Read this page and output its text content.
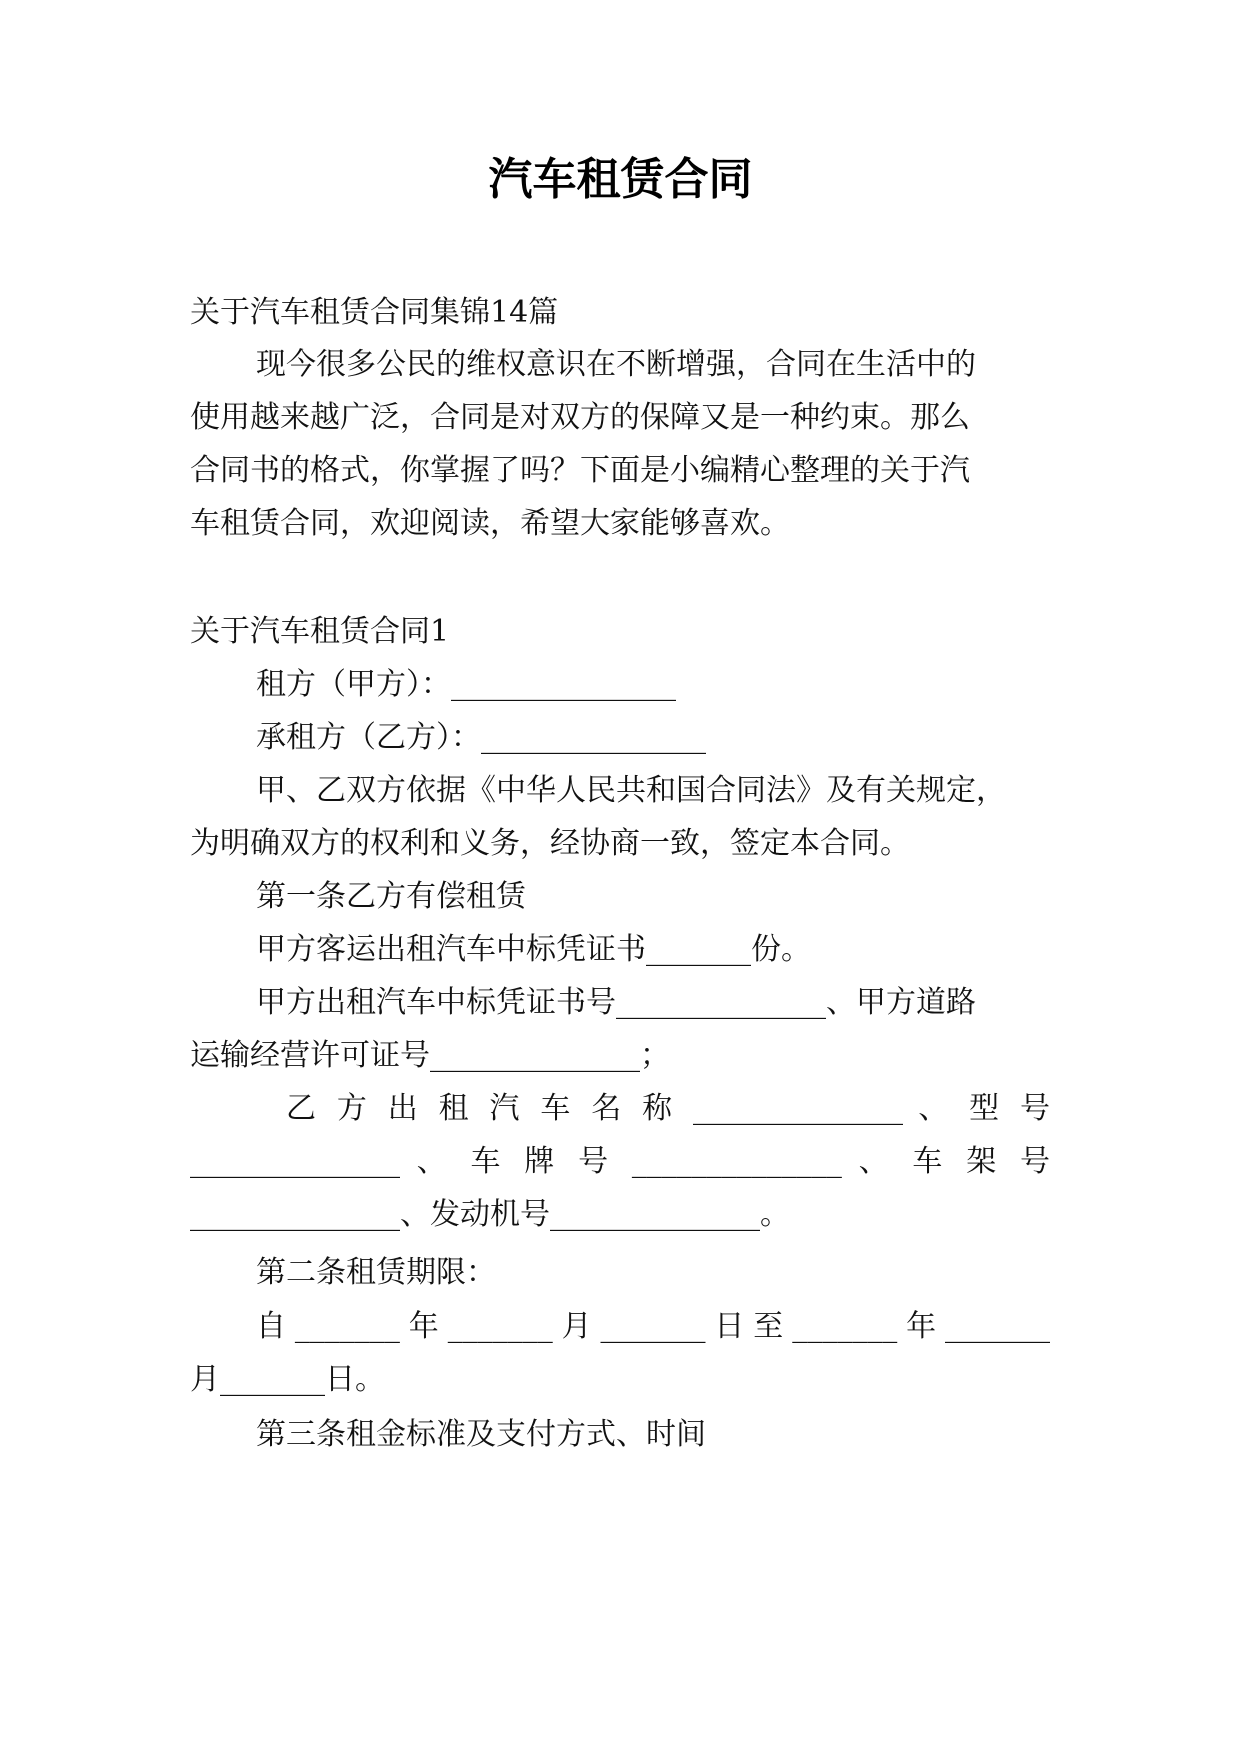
汽车租赁合同

关于汽车租赁合同集锦14篇

现今很多公民的维权意识在不断增强，合同在生活中的

使用越来越广泛，合同是对双方的保障又是一种约束。那么

合同书的格式，你掌握了吗？下面是小编精心整理的关于汽

车租赁合同，欢迎阅读，希望大家能够喜欢。

关于汽车租赁合同1

租方（甲方）：_______________

承租方（乙方）：_______________

甲、乙双方依据《中华人民共和国合同法》及有关规定，

为明确双方的权利和义务，经协商一致，签定本合同。

第一条乙方有偿租赁

甲方客运出租汽车中标凭证书_______份。

甲方出租汽车中标凭证书号______________、甲方道路

运输经营许可证号______________；

乙 方 出 租 汽 车 名 称 ______________ 、 型 号

______________ 、 车 牌 号 ______________ 、 车 架 号

______________、发动机号______________。

第二条租赁期限：

自_______年_______月_______日至_______年_______

月_______日。

第三条租金标准及支付方式、时间
